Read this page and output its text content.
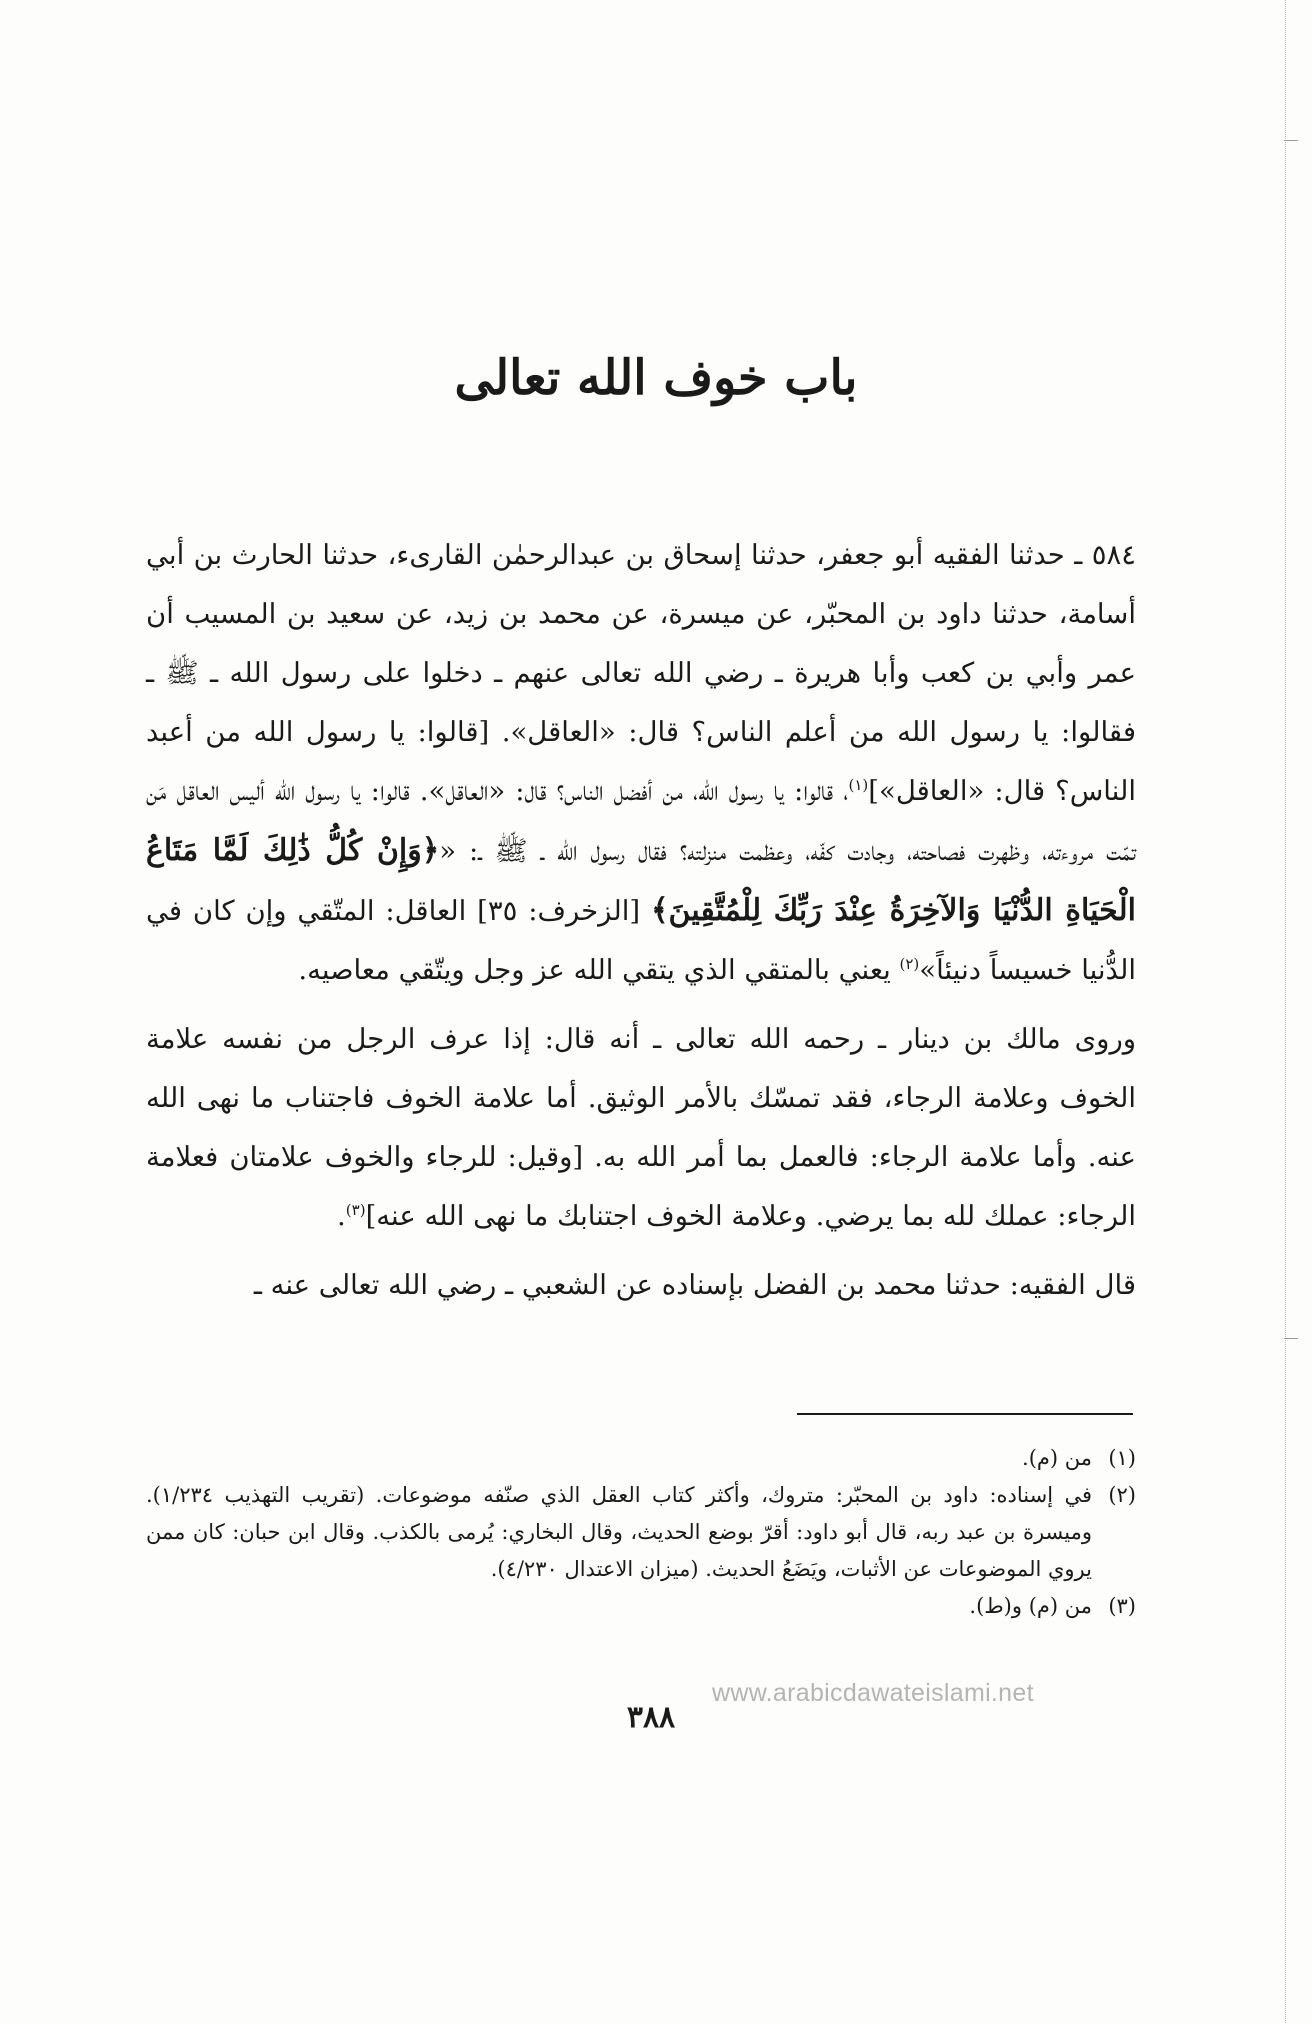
باب خوف الله تعالى

٥٨٤ ـ حدثنا الفقيه أبو جعفر، حدثنا إسحاق بن عبدالرحمٰن القارىء، حدثنا الحارث بن أبي أسامة، حدثنا داود بن المحبّر، عن ميسرة، عن محمد بن زيد، عن سعيد بن المسيب أن عمر وأبي بن كعب وأبا هريرة ـ رضي الله تعالى عنهم ـ دخلوا على رسول الله ـ ﷺ ـ فقالوا: يا رسول الله من أعلم الناس؟ قال: «العاقل». [قالوا: يا رسول الله من أعبد الناس؟ قال: «العاقل»]$^{(١)}$، قالوا: يا رسول الله، من أفضل الناس؟ قال: «العاقل». قالوا: يا رسول الله أليس العاقل مَن تمّت مروءته، وظهرت فصاحته، وجادت كفّه، وعظمت منزلته؟ فقال رسول الله ـ ﷺ ـ: «﴿وَإِنْ كُلُّ ذَٰلِكَ لَمَّا مَتَاعُ الْحَيَاةِ الدُّنْيَا وَالآخِرَةُ عِنْدَ رَبِّكَ لِلْمُتَّقِينَ﴾ [الزخرف: ٣٥] العاقل: المتّقي وإن كان في الدُّنيا خسيساً دنيئاً»$^{(٢)}$ يعني بالمتقي الذي يتقي الله عز وجل ويتّقي معاصيه.

وروى مالك بن دينار ـ رحمه الله تعالى ـ أنه قال: إذا عرف الرجل من نفسه علامة الخوف وعلامة الرجاء، فقد تمسّك بالأمر الوثيق. أما علامة الخوف فاجتناب ما نهى الله عنه. وأما علامة الرجاء: فالعمل بما أمر الله به. [وقيل: للرجاء والخوف علامتان فعلامة الرجاء: عملك لله بما يرضي. وعلامة الخوف اجتنابك ما نهى الله عنه]$^{(٣)}$.

قال الفقيه: حدثنا محمد بن الفضل بإسناده عن الشعبي ـ رضي الله تعالى عنه ـ

(١)
من (م).
(٢)
في إسناده: داود بن المحبّر: متروك، وأكثر كتاب العقل الذي صنّفه موضوعات. (تقريب التهذيب ١/٢٣٤). وميسرة بن عبد ربه، قال أبو داود: أقرّ بوضع الحديث، وقال البخاري: يُرمى بالكذب. وقال ابن حبان: كان ممن يروي الموضوعات عن الأثبات، ويَضَعُ الحديث. (ميزان الاعتدال ٤/٢٣٠).
(٣)
من (م) و(ط).
www.arabicdawateislami.net
٣٨٨
